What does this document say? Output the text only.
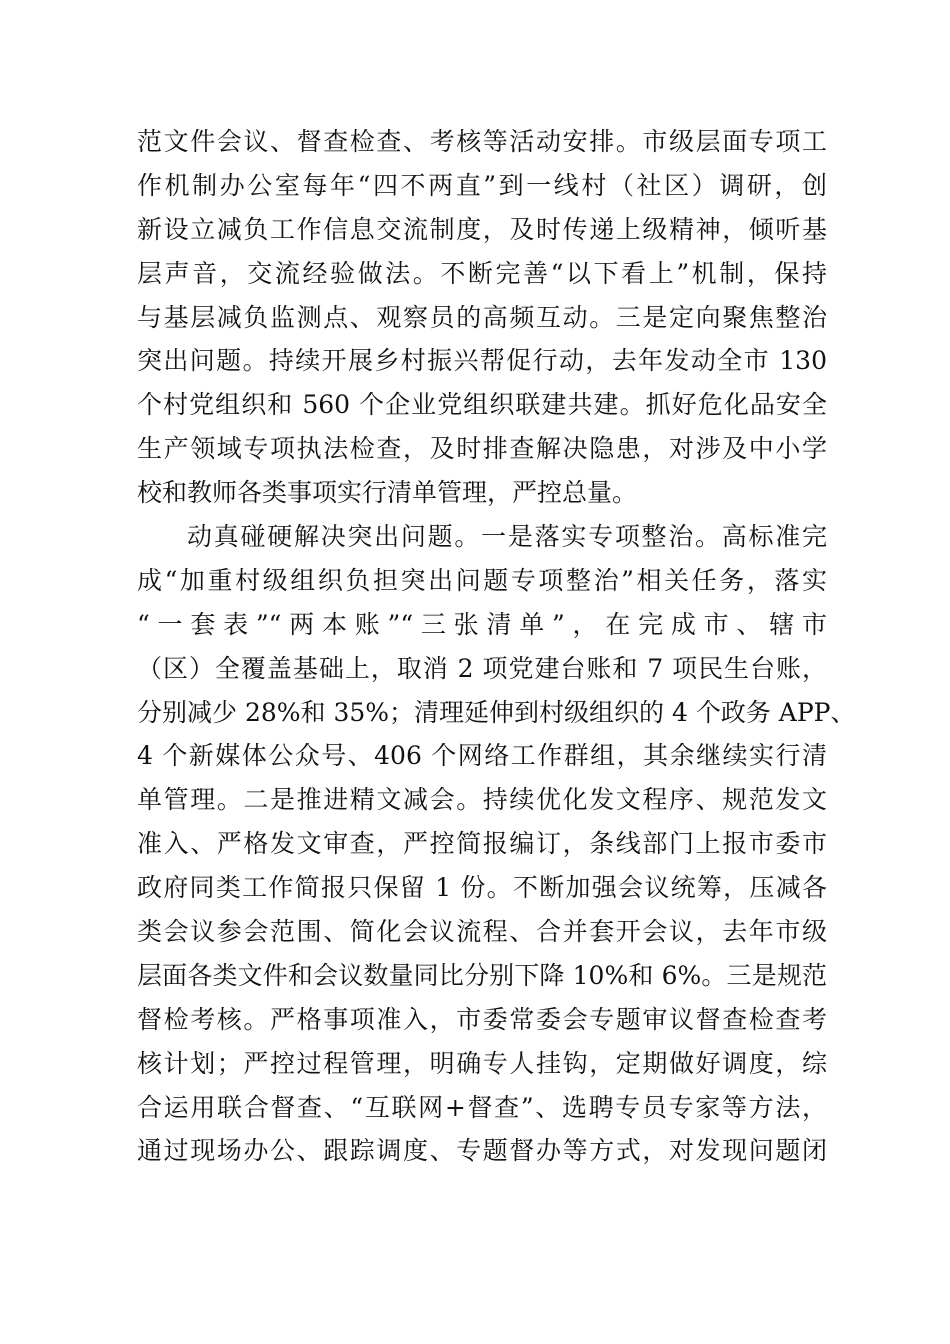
范文件会议、督查检查、考核等活动安排。市级层面专项工
作机制办公室每年“四不两直”到一线村（社区）调研，创
新设立减负工作信息交流制度，及时传递上级精神，倾听基
层声音，交流经验做法。不断完善“以下看上”机制，保持
与基层减负监测点、观察员的高频互动。三是定向聚焦整治
突出问题。持续开展乡村振兴帮促行动，去年发动全市 130
个村党组织和 560 个企业党组织联建共建。抓好危化品安全
生产领域专项执法检查，及时排查解决隐患，对涉及中小学
校和教师各类事项实行清单管理，严控总量。
动真碰硬解决突出问题。一是落实专项整治。高标准完
成“加重村级组织负担突出问题专项整治”相关任务，落实
“一套表”“两本账”“三张清单”，在完成市、辖市
（区）全覆盖基础上，取消 2 项党建台账和 7 项民生台账，
分别减少 28%和 35%；清理延伸到村级组织的 4 个政务 APP、
4 个新媒体公众号、406 个网络工作群组，其余继续实行清
单管理。二是推进精文减会。持续优化发文程序、规范发文
准入、严格发文审查，严控简报编订，条线部门上报市委市
政府同类工作简报只保留 1 份。不断加强会议统筹，压减各
类会议参会范围、简化会议流程、合并套开会议，去年市级
层面各类文件和会议数量同比分别下降 10%和 6%。三是规范
督检考核。严格事项准入，市委常委会专题审议督查检查考
核计划；严控过程管理，明确专人挂钩，定期做好调度，综
合运用联合督查、“互联网+督查”、选聘专员专家等方法，
通过现场办公、跟踪调度、专题督办等方式，对发现问题闭
